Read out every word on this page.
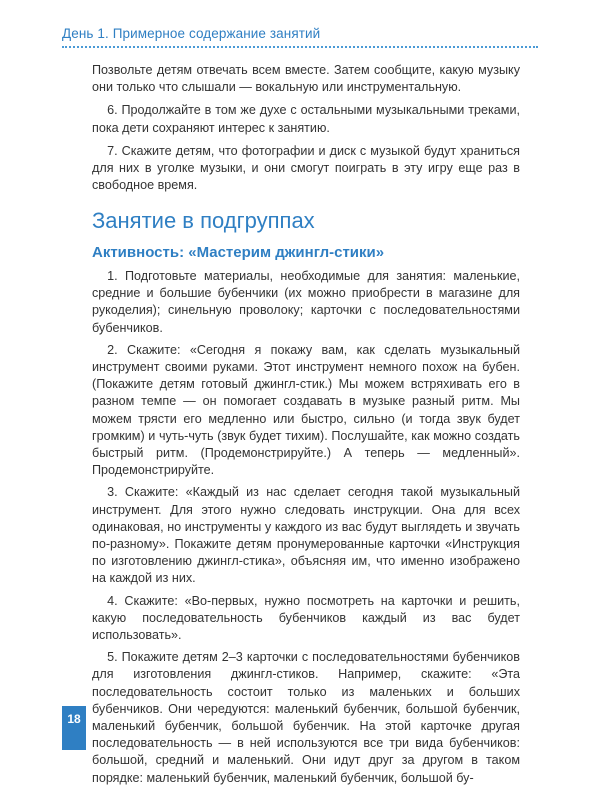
День 1. Примерное содержание занятий

Позвольте детям отвечать всем вместе. Затем сообщите, какую музыку они только что слышали — вокальную или инструментальную.

6. Продолжайте в том же духе с остальными музыкальными треками, пока дети сохраняют интерес к занятию.

7. Скажите детям, что фотографии и диск с музыкой будут храниться для них в уголке музыки, и они смогут поиграть в эту игру еще раз в свободное время.

Занятие в подгруппах
Активность: «Мастерим джингл-стики»

1. Подготовьте материалы, необходимые для занятия: маленькие, средние и большие бубенчики (их можно приобрести в магазине для рукоделия); синельную проволоку; карточки с последовательностями бубенчиков.

2. Скажите: «Сегодня я покажу вам, как сделать музыкальный инструмент своими руками. Этот инструмент немного похож на бубен. (Покажите детям готовый джингл-стик.) Мы можем встряхивать его в разном темпе — он помогает создавать в музыке разный ритм. Мы можем трясти его медленно или быстро, сильно (и тогда звук будет громким) и чуть-чуть (звук будет тихим). Послушайте, как можно создать быстрый ритм. (Продемонстрируйте.) А теперь — медленный». Продемонстрируйте.

3. Скажите: «Каждый из нас сделает сегодня такой музыкальный инструмент. Для этого нужно следовать инструкции. Она для всех одинаковая, но инструменты у каждого из вас будут выглядеть и звучать по-разному». Покажите детям пронумерованные карточки «Инструкция по изготовлению джингл-стика», объясняя им, что именно изображено на каждой из них.

4. Скажите: «Во-первых, нужно посмотреть на карточки и решить, какую последовательность бубенчиков каждый из вас будет использовать».

5. Покажите детям 2–3 карточки с последовательностями бубенчиков для изготовления джингл-стиков. Например, скажите: «Эта последовательность состоит только из маленьких и больших бубенчиков. Они чередуются: маленький бубенчик, большой бубенчик, маленький бубенчик, большой бубенчик. На этой карточке другая последовательность — в ней используются все три вида бубенчиков: большой, средний и маленький. Они идут друг за другом в таком порядке: маленький бубенчик, маленький бубенчик, большой бу-

18
